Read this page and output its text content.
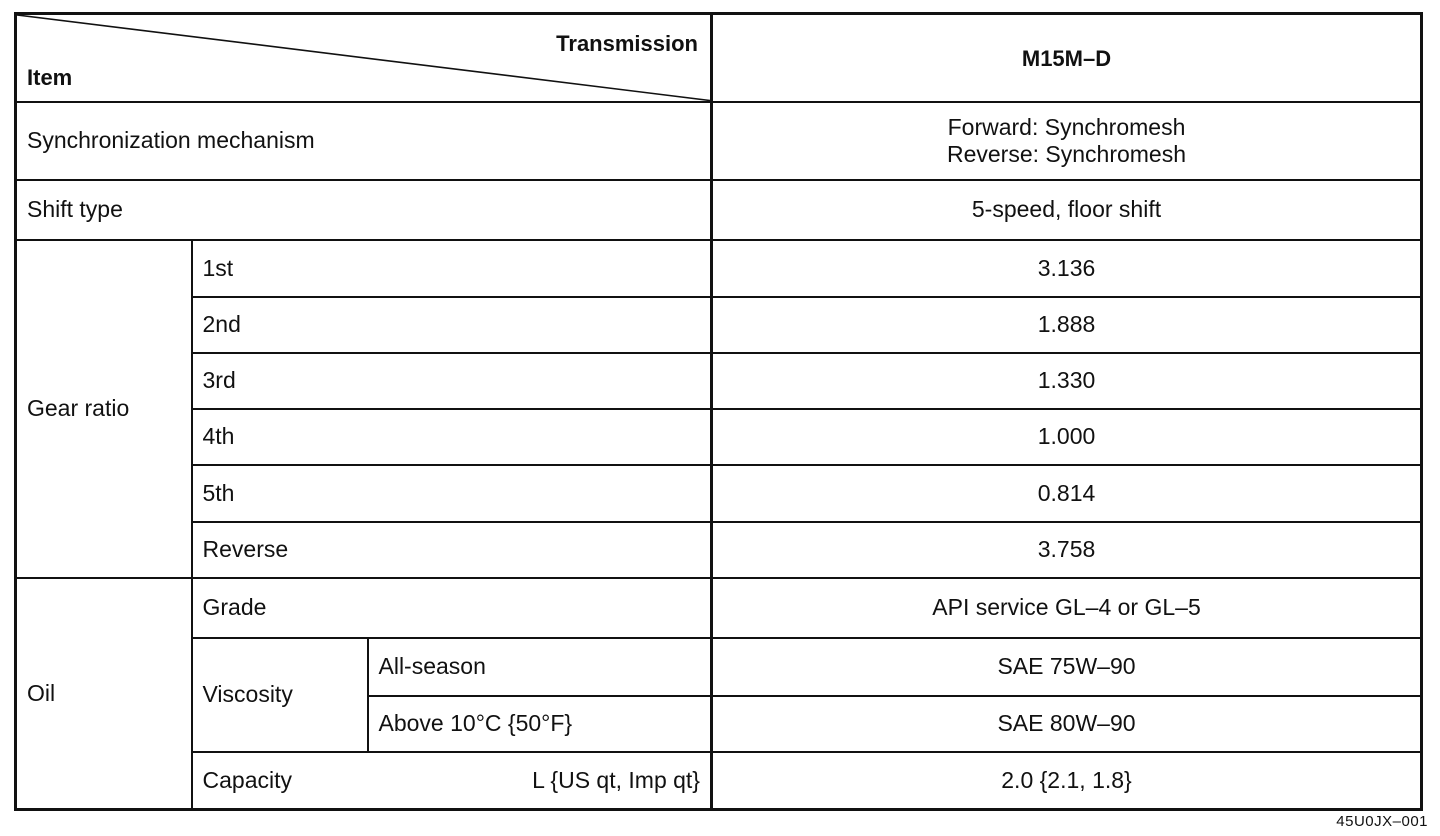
Transmission
Item			M15M–D
Synchronization mechanism			Forward: Synchromesh
Reverse: Synchromesh

Shift type			5-speed, floor shift
Gear ratio	1st		3.136
	2nd		1.888
	3rd		1.330
	4th		1.000
	5th		0.814
	Reverse		3.758
Oil	Grade		API service GL–4 or GL–5
	Viscosity	All-season	SAE 75W–90
		Above 10°C {50°F}	SAE 80W–90
	Capacity L {US qt, Imp qt}		2.0 {2.1, 1.8}
45U0JX–001
